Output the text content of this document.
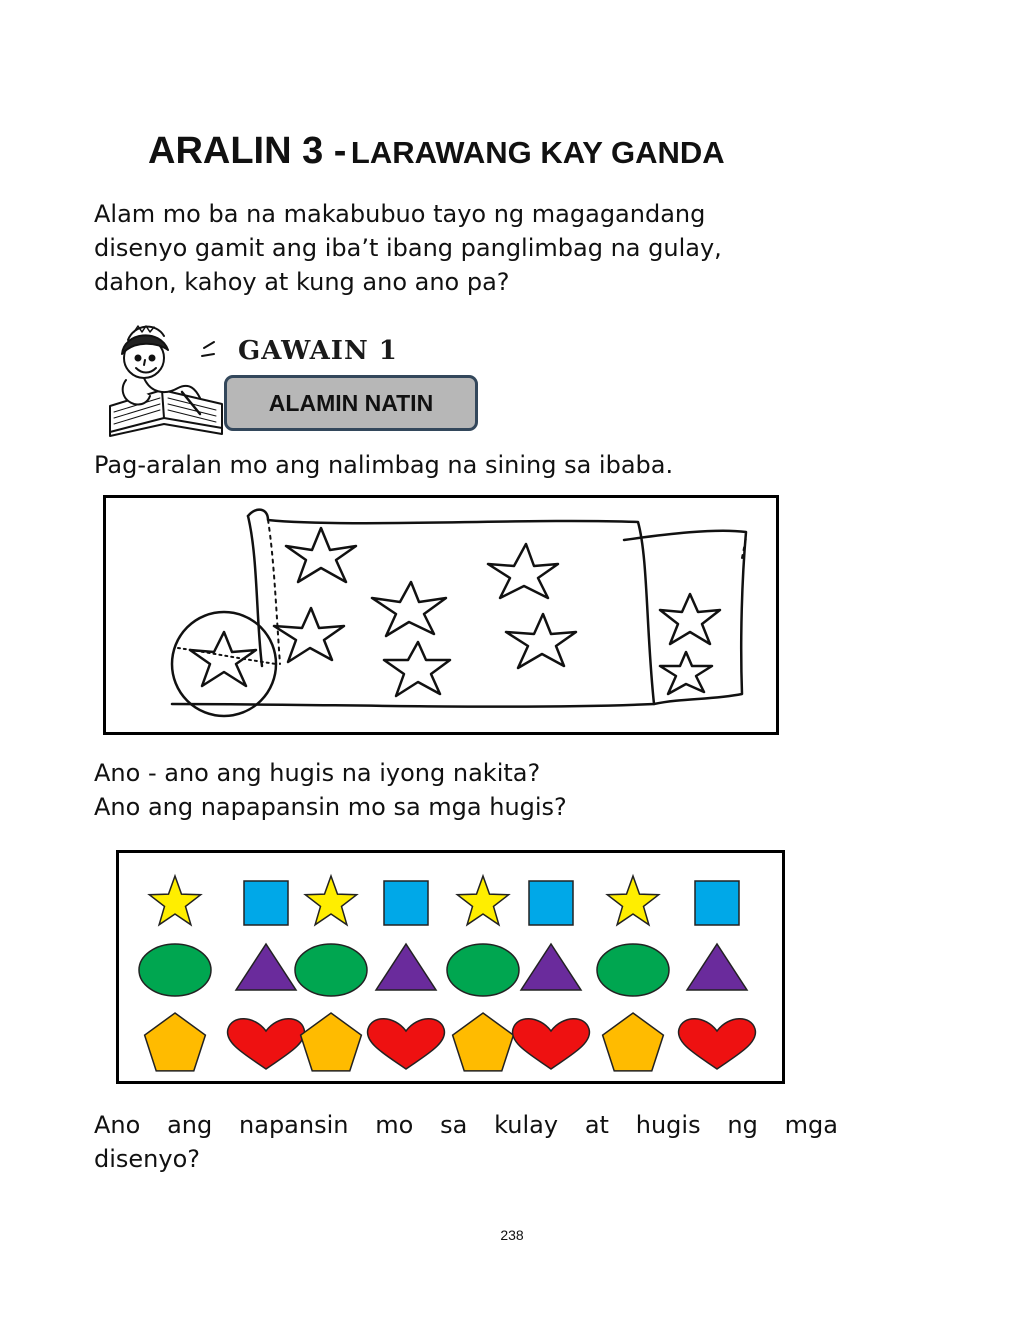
ARALIN 3 - LARAWANG KAY GANDA
Alam mo ba na makabubuo tayo ng magagandang
disenyo gamit ang iba’t ibang panglimbag na gulay,
dahon, kahoy at kung ano ano pa?
GAWAIN 1
ALAMIN NATIN
Pag-aralan mo ang nalimbag na sining sa ibaba.
Ano - ano ang hugis na iyong nakita?
Ano ang napapansin mo sa mga hugis?
Ano ang napansin mo sa kulay at hugis ng mga
disenyo?
238
